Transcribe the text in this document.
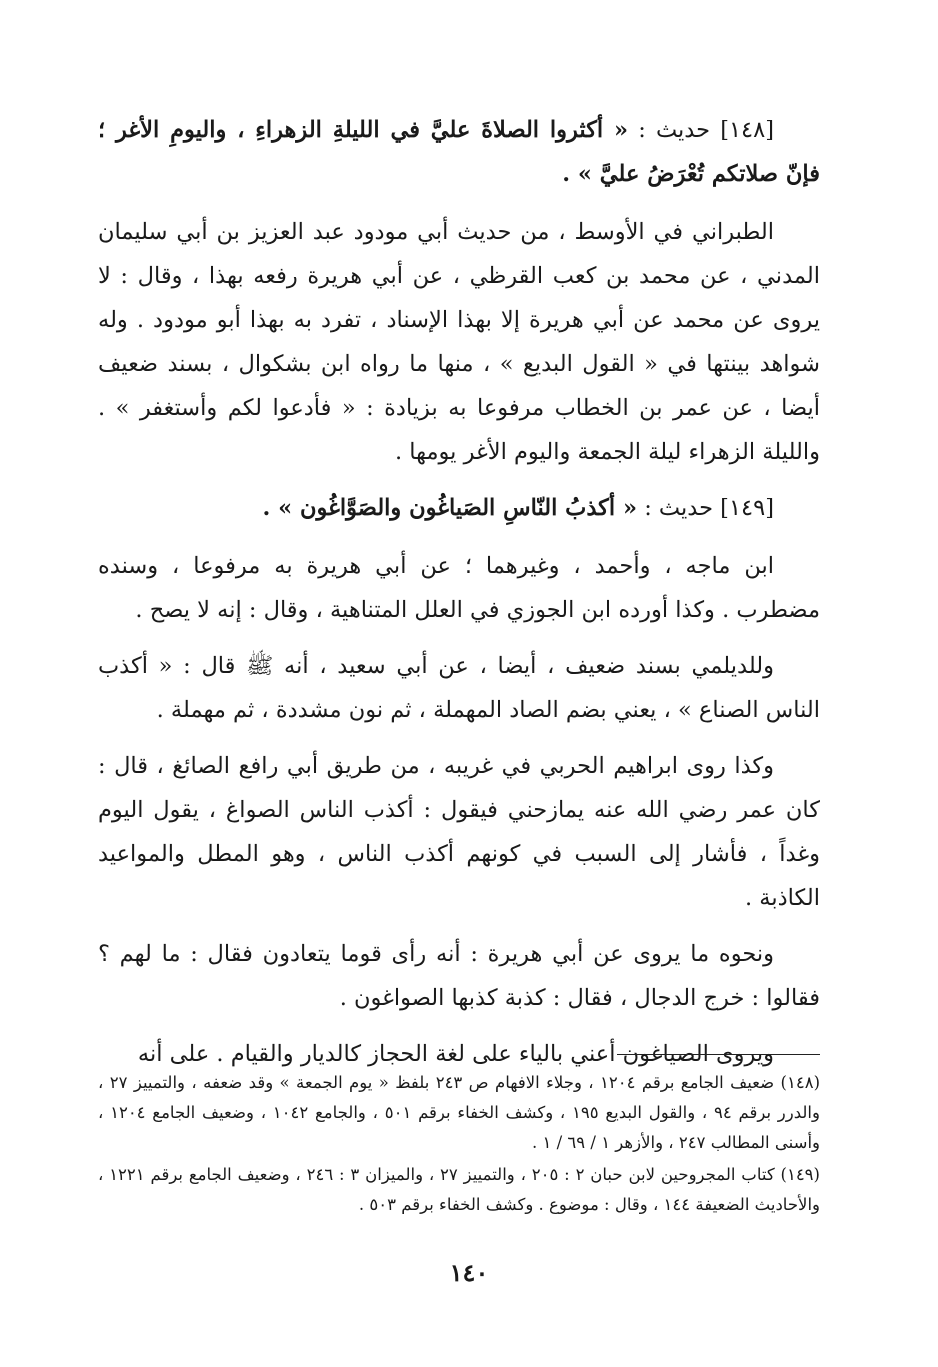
[١٤٨] حديث : « أكثروا الصلاةَ عليَّ في الليلةِ الزهراءِ ، واليومِ الأغر ؛ فإنّ صلاتكم تُعْرَضُ عليَّ » .

الطبراني في الأوسط ، من حديث أبي مودود عبد العزيز بن أبي سليمان المدني ، عن محمد بن كعب القرظي ، عن أبي هريرة رفعه بهذا ، وقال : لا يروى عن محمد عن أبي هريرة إلا بهذا الإسناد ، تفرد به بهذا أبو مودود . وله شواهد بينتها في « القول البديع » ، منها ما رواه ابن بشكوال ، بسند ضعيف أيضا ، عن عمر بن الخطاب مرفوعا به بزيادة : « فأدعوا لكم وأستغفر » . والليلة الزهراء ليلة الجمعة واليوم الأغر يومها .

[١٤٩] حديث : « أكذبُ النّاسِ الصَياغُون والصَوَّاغُون » .

ابن ماجه ، وأحمد ، وغيرهما ؛ عن أبي هريرة به مرفوعا ، وسنده مضطرب . وكذا أورده ابن الجوزي في العلل المتناهية ، وقال : إنه لا يصح .

وللديلمي بسند ضعيف ، أيضا ، عن أبي سعيد ، أنه ﷺ قال : « أكذب الناس الصناع » ، يعني بضم الصاد المهملة ، ثم نون مشددة ، ثم مهملة .

وكذا روى ابراهيم الحربي في غريبه ، من طريق أبي رافع الصائغ ، قال : كان عمر رضي الله عنه يمازحني فيقول : أكذب الناس الصواغ ، يقول اليوم وغداً ، فأشار إلى السبب في كونهم أكذب الناس ، وهو المطل والمواعيد الكاذبة .

ونحوه ما يروى عن أبي هريرة : أنه رأى قوما يتعادون فقال : ما لهم ؟ فقالوا : خرج الدجال ، فقال : كذبة كذبها الصواغون .

ويروى الصياغون أعني بالياء على لغة الحجاز كالديار والقيام . على أنه

(١٤٨) ضعيف الجامع برقم ١٢٠٤ ، وجلاء الافهام ص ٢٤٣ بلفظ « يوم الجمعة » وقد ضعفه ، والتمييز ٢٧ ، والدرر برقم ٩٤ ، والقول البديع ١٩٥ ، وكشف الخفاء برقم ٥٠١ ، والجامع ١٠٤٢ ، وضعيف الجامع ١٢٠٤ ، وأسنى المطالب ٢٤٧ ، والأزهر ١ / ٦٩ / ١ .

(١٤٩) كتاب المجروحين لابن حبان ٢ : ٢٠٥ ، والتمييز ٢٧ ، والميزان ٣ : ٢٤٦ ، وضعيف الجامع برقم ١٢٢١ ، والأحاديث الضعيفة ١٤٤ ، وقال : موضوع . وكشف الخفاء برقم ٥٠٣ .

١٤٠
